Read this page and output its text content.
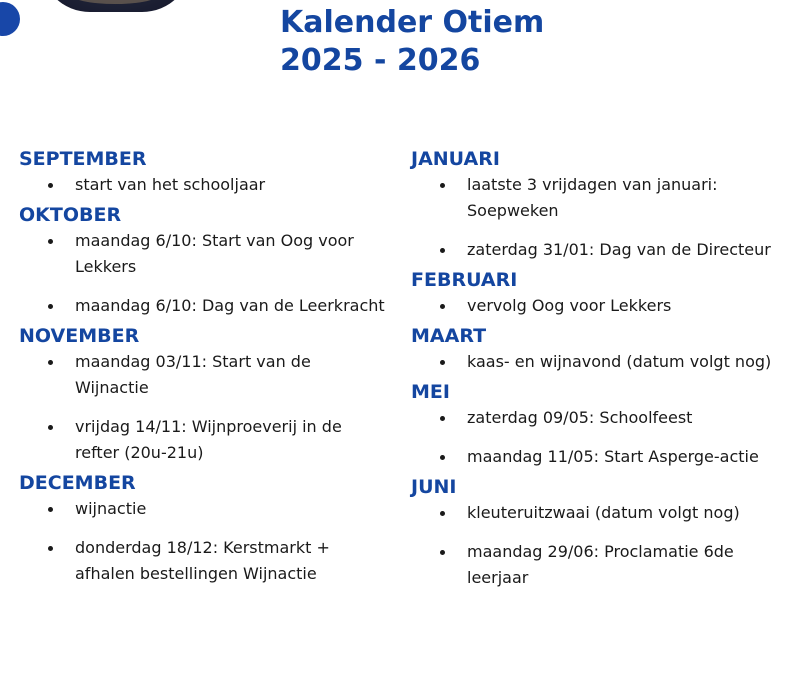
Kalender Otiem
2025 - 2026
SEPTEMBER
start van het schooljaar
OKTOBER
maandag 6/10: Start van Oog voor Lekkers
maandag 6/10: Dag van de Leerkracht
NOVEMBER
maandag 03/11: Start van de Wijnactie
vrijdag 14/11: Wijnproeverij in de refter (20u-21u)
DECEMBER
wijnactie
donderdag 18/12: Kerstmarkt + afhalen bestellingen Wijnactie
JANUARI
laatste 3 vrijdagen van januari: Soepweken
zaterdag 31/01: Dag van de Directeur
FEBRUARI
vervolg Oog voor Lekkers
MAART
kaas- en wijnavond (datum volgt nog)
MEI
zaterdag 09/05: Schoolfeest
maandag 11/05: Start Asperge-actie
JUNI
kleuteruitzwaai (datum volgt nog)
maandag 29/06: Proclamatie 6de leerjaar
